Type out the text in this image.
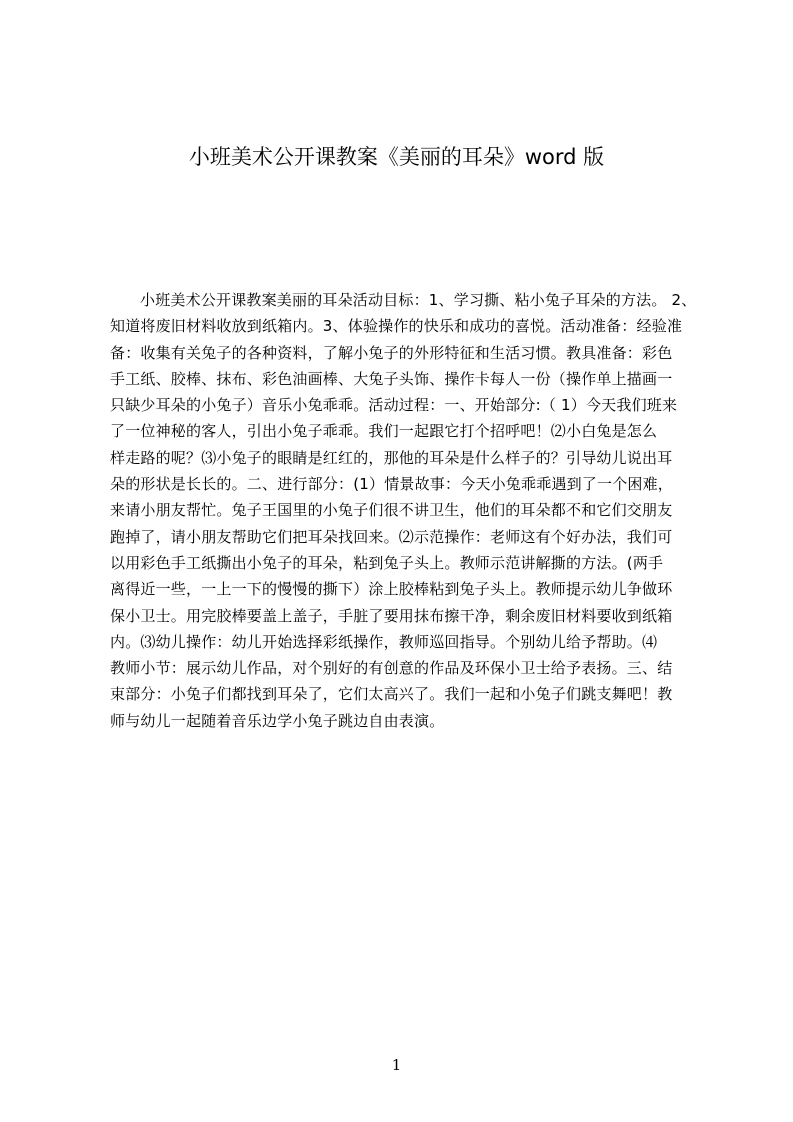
小班美术公开课教案《美丽的耳朵》word 版
小班美术公开课教案美丽的耳朵活动目标：1、学习撕、粘小兔子耳朵的方法。 2、
知道将废旧材料收放到纸箱内。3、体验操作的快乐和成功的喜悦。活动准备：经验准
备：收集有关兔子的各种资料，了解小兔子的外形特征和生活习惯。教具准备：彩色
手工纸、胶棒、抹布、彩色油画棒、大兔子头饰、操作卡每人一份（操作单上描画一
只缺少耳朵的小兔子）音乐小兔乖乖。活动过程：一、开始部分:（ 1）今天我们班来
了一位神秘的客人，引出小兔子乖乖。我们一起跟它打个招呼吧！⑵小白兔是怎么
样走路的呢？⑶小兔子的眼睛是红红的，那他的耳朵是什么样子的？引导幼儿说出耳
朵的形状是长长的。二、进行部分：(1）情景故事：今天小兔乖乖遇到了一个困难，
来请小朋友帮忙。兔子王国里的小兔子们很不讲卫生，他们的耳朵都不和它们交朋友
跑掉了，请小朋友帮助它们把耳朵找回来。⑵示范操作：老师这有个好办法，我们可
以用彩色手工纸撕出小兔子的耳朵，粘到兔子头上。教师示范讲解撕的方法。(两手
离得近一些，一上一下的慢慢的撕下）涂上胶棒粘到兔子头上。教师提示幼儿争做环
保小卫士。用完胶棒要盖上盖子，手脏了要用抹布擦干净，剩余废旧材料要收到纸箱
内。⑶幼儿操作：幼儿开始选择彩纸操作，教师巡回指导。个别幼儿给予帮助。⑷
教师小节：展示幼儿作品，对个别好的有创意的作品及环保小卫士给予表扬。三、结
束部分：小兔子们都找到耳朵了，它们太高兴了。我们一起和小兔子们跳支舞吧！教
师与幼儿一起随着音乐边学小兔子跳边自由表演。
1
